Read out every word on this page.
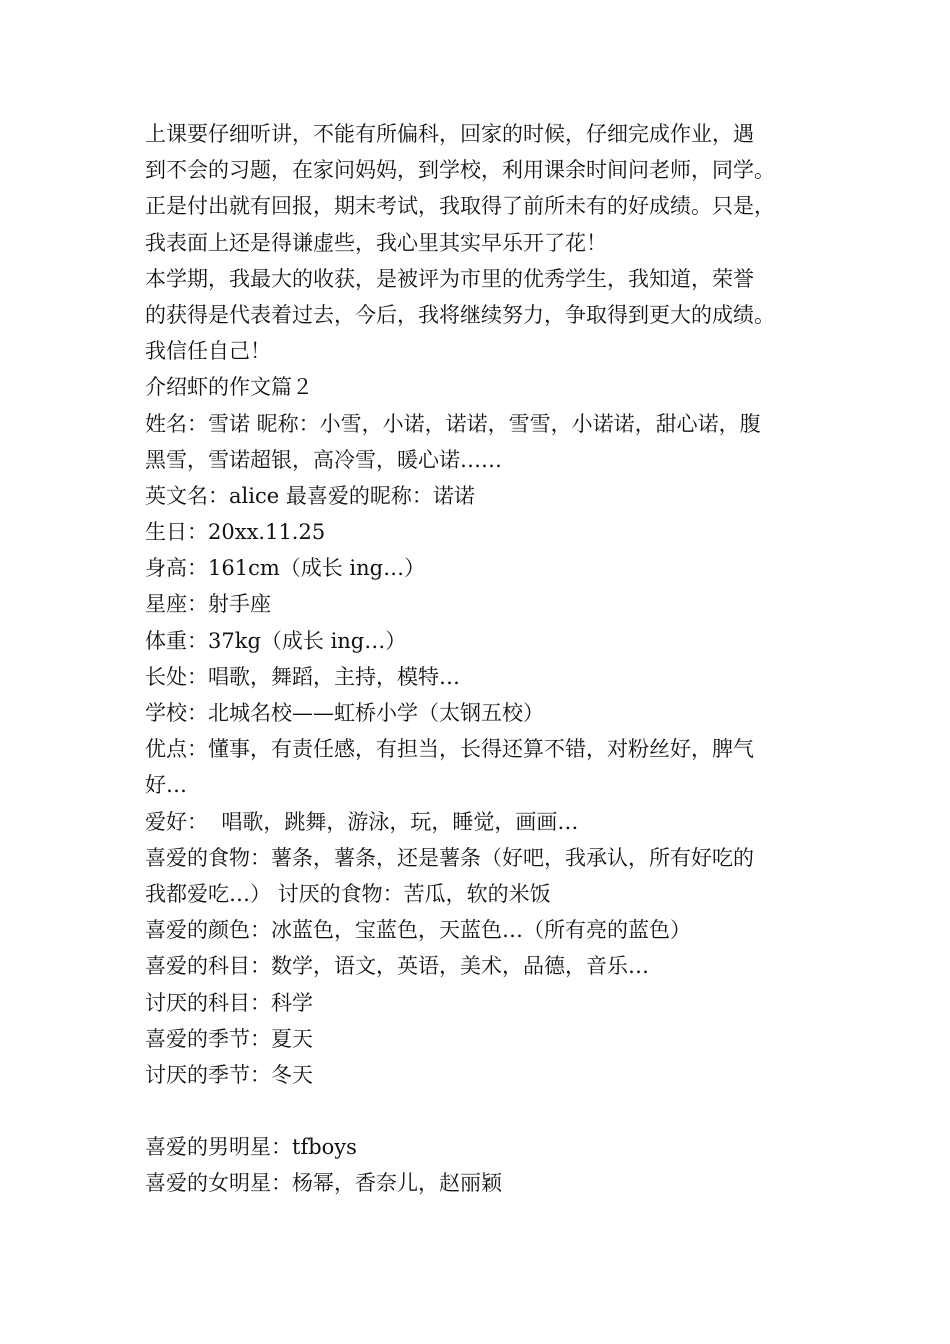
上课要仔细听讲，不能有所偏科，回家的时候，仔细完成作业，遇
到不会的习题，在家问妈妈，到学校，利用课余时间问老师，同学。
正是付出就有回报，期末考试，我取得了前所未有的好成绩。只是，
我表面上还是得谦虚些，我心里其实早乐开了花！
本学期，我最大的收获，是被评为市里的优秀学生，我知道，荣誉
的获得是代表着过去，今后，我将继续努力，争取得到更大的成绩。
我信任自己！
介绍虾的作文篇２
姓名：雪诺 昵称：小雪，小诺，诺诺，雪雪，小诺诺，甜心诺，腹
黑雪，雪诺超银，高冷雪，暖心诺……
英文名：alice 最喜爱的昵称：诺诺
生日：20xx.11.25
身高：161cm（成长 ing…）
星座：射手座
体重：37kg（成长 ing…）
长处：唱歌，舞蹈，主持，模特…
学校：北城名校——虹桥小学（太钢五校）
优点：懂事，有责任感，有担当，长得还算不错，对粉丝好，脾气
好…
爱好：  唱歌，跳舞，游泳，玩，睡觉，画画…
喜爱的食物：薯条，薯条，还是薯条（好吧，我承认，所有好吃的
我都爱吃…） 讨厌的食物：苦瓜，软的米饭
喜爱的颜色：冰蓝色，宝蓝色，天蓝色…（所有亮的蓝色）
喜爱的科目：数学，语文，英语，美术，品德，音乐…
讨厌的科目：科学
喜爱的季节：夏天
讨厌的季节：冬天
喜爱的男明星：tfboys
喜爱的女明星：杨幂，香奈儿，赵丽颖
